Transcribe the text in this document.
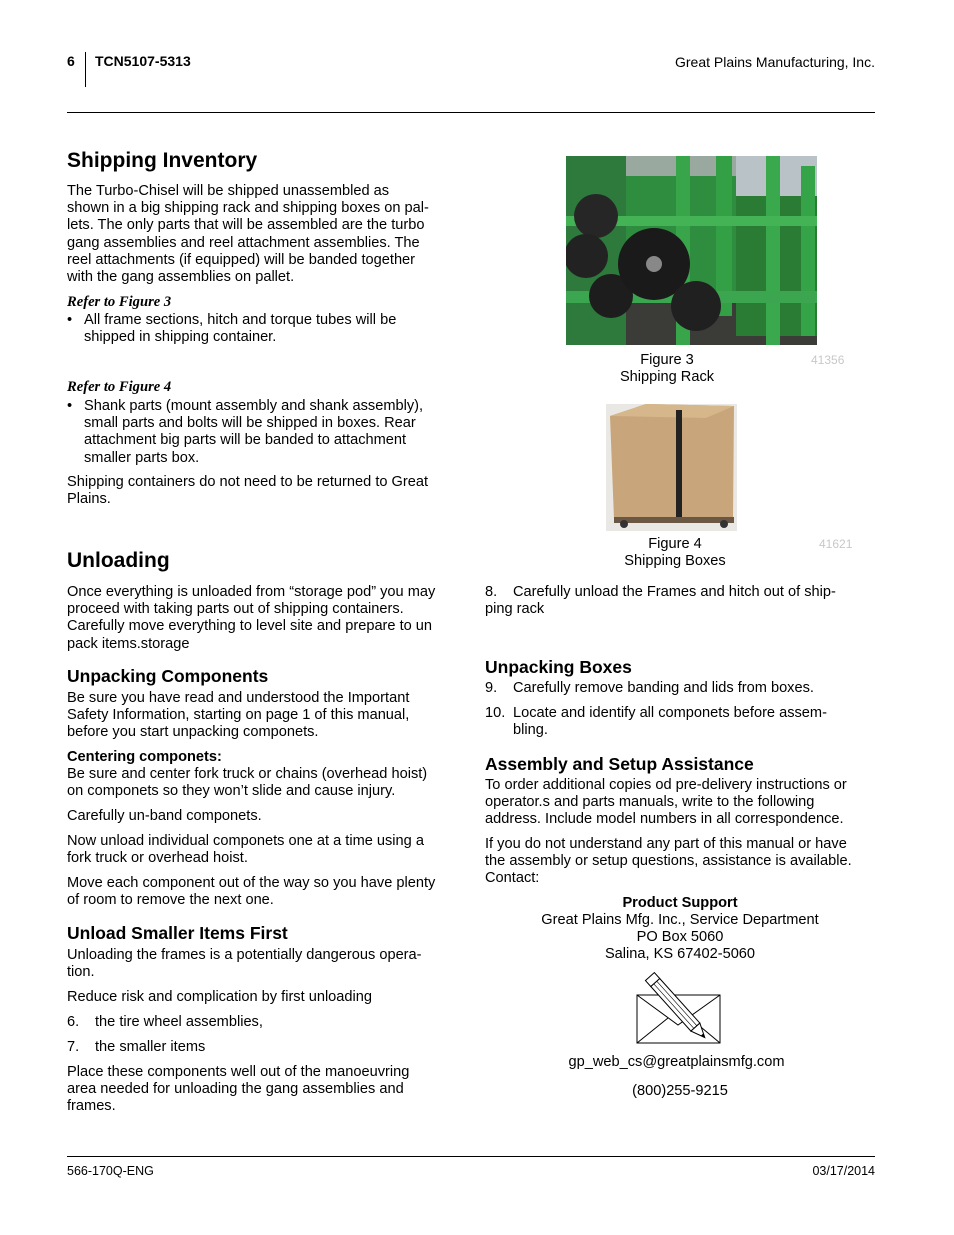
6 TCN5107-5313	Great Plains Manufacturing, Inc.
Shipping Inventory
The Turbo-Chisel will be shipped unassembled as
shown in a big shipping rack and shipping boxes on pal-
lets. The only parts that will be assembled are the turbo
gang assemblies and reel attachment assemblies. The
reel attachments (if equipped) will be banded together
with the gang assemblies on pallet.
Refer to Figure 3
• All frame sections, hitch and torque tubes will be
shipped in shipping container.
Refer to Figure 4
• Shank parts (mount assembly and shank assembly),
small parts and bolts will be shipped in boxes. Rear
attachment big parts will be banded to attachment
smaller parts box.
Shipping containers do not need to be returned to Great
Plains.
Unloading
Once everything is unloaded from “storage pod” you may
proceed with taking parts out of shipping containers.
Carefully move everything to level site and prepare to un
pack items.storage
Unpacking Components
Be sure you have read and understood the Important
Safety Information, starting on page 1 of this manual,
before you start unpacking componets.
Centering componets:
Be sure and center fork truck or chains (overhead hoist)
on componets so they won’t slide and cause injury.
Carefully un-band componets.
Now unload individual componets one at a time using a
fork truck or overhead hoist.
Move each component out of the way so you have plenty
of room to remove the next one.
Unload Smaller Items First
Unloading the frames is a potentially dangerous opera-
tion.
Reduce risk and complication by first unloading
6. the tire wheel assemblies,
7. the smaller items
Place these components well out of the manoeuvring
area needed for unloading the gang assemblies and
frames.
Figure 3
Shipping Rack
41356
Figure 4
Shipping Boxes
41621
8. Carefully unload the Frames and hitch out of ship-
ping rack
Unpacking Boxes
9. Carefully remove banding and lids from boxes.
10. Locate and identify all componets before assem-
bling.
Assembly and Setup Assistance
To order additional copies od pre-delivery instructions or
operator.s and parts manuals, write to the following
address. Include model numbers in all correspondence.
If you do not understand any part of this manual or have
the assembly or setup questions, assistance is available.
Contact:
Product Support
Great Plains Mfg. Inc., Service Department
PO Box 5060
Salina, KS 67402-5060
gp_web_cs@greatplainsmfg.com
(800)255-9215
566-170Q-ENG	03/17/2014
